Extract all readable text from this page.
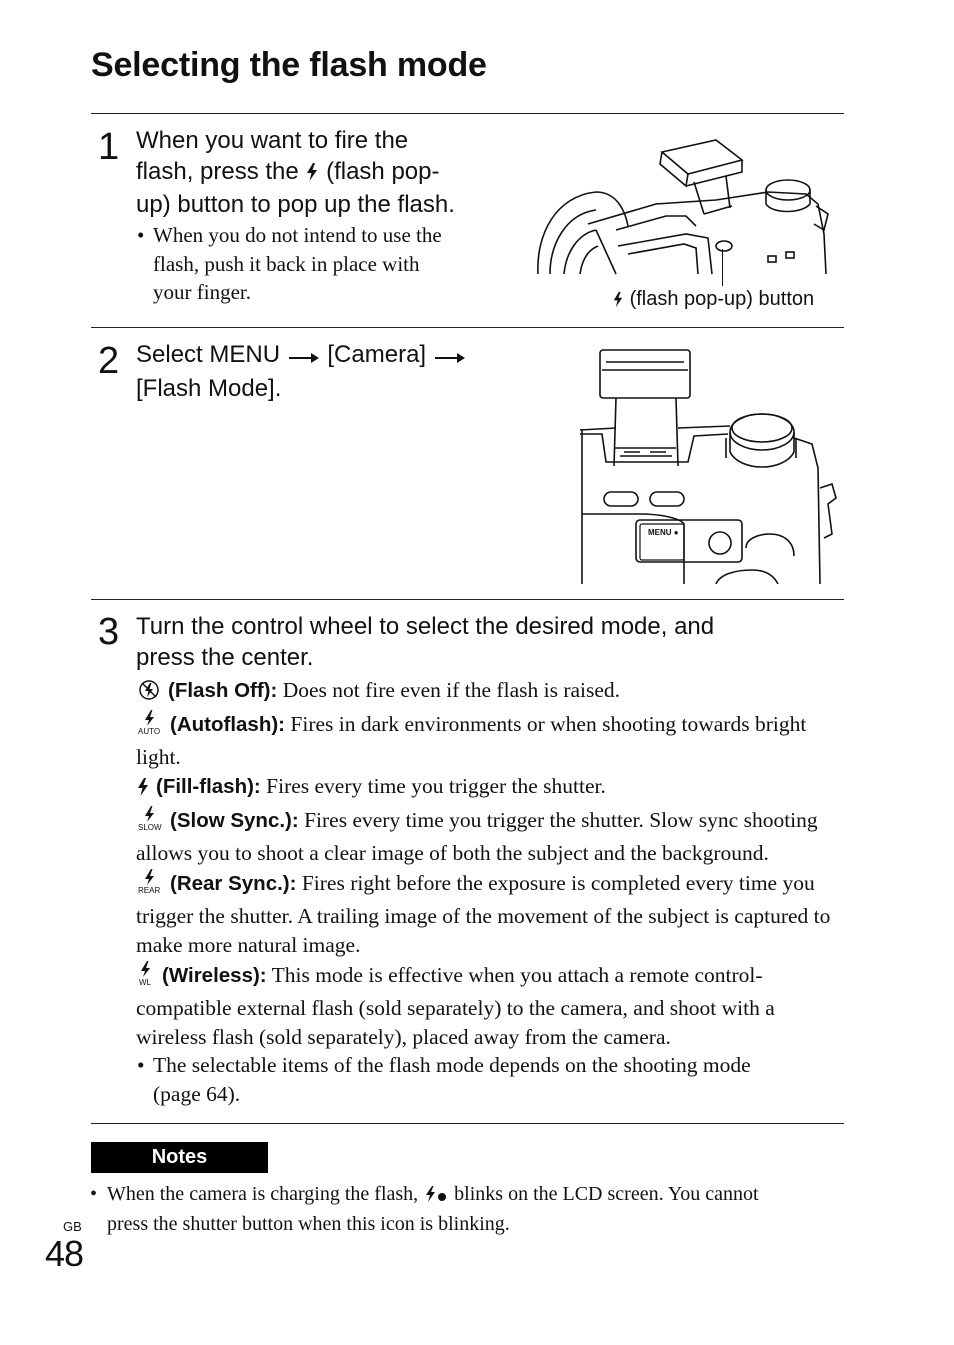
Selecting the flash mode
1 When you want to fire the
flash, press the (flash pop-
up) button to pop up the flash.
• When you do not intend to use the
flash, push it back in place with
your finger.	(flash pop-up) button
2 Select MENU [Camera]
[Flash Mode].
MENU ●
3 Turn the control wheel to select the desired mode, and
press the center.

(Flash Off): Does not fire even if the flash is raised.

AUTO (Autoflash): Fires in dark environments or when shooting towards bright light.

(Fill-flash): Fires every time you trigger the shutter.

SLOW (Slow Sync.): Fires every time you trigger the shutter. Slow sync shooting allows you to shoot a clear image of both the subject and the background.

REAR (Rear Sync.): Fires right before the exposure is completed every time you trigger the shutter. A trailing image of the movement of the subject is captured to make more natural image.

WL (Wireless): This mode is effective when you attach a remote control-compatible external flash (sold separately) to the camera, and shoot with a wireless flash (sold separately), placed away from the camera.

• The selectable items of the flash mode depends on the shooting mode
(page 64).
Notes
• When the camera is charging the flash, blinks on the LCD screen. You cannot
press the shutter button when this icon is blinking.
GB
48
